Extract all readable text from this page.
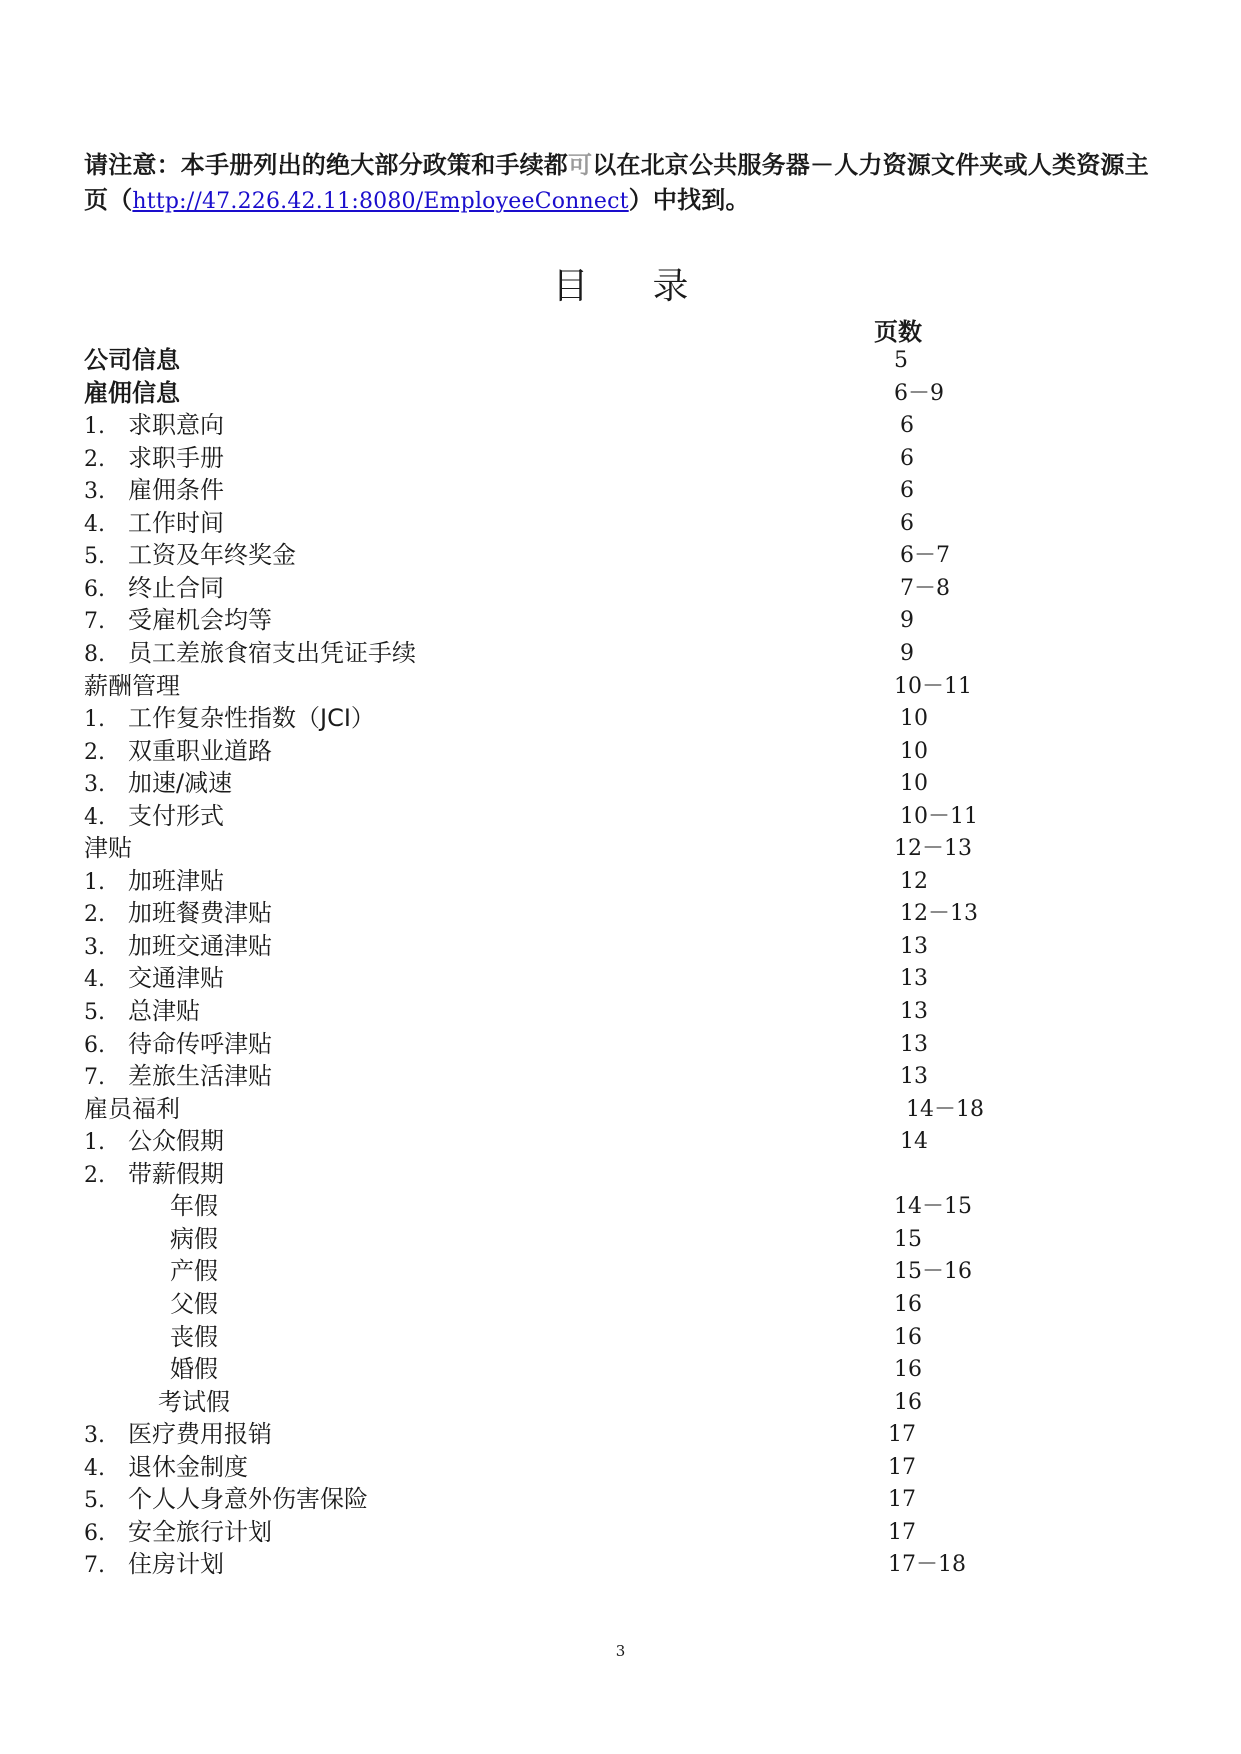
请注意：本手册列出的绝大部分政策和手续都可以在北京公共服务器－人力资源文件夹或人类资源主页（http://47.226.42.11:8080/EmployeeConnect）中找到。
目录
页数
公司信息	5
雇佣信息	6－9
1. 求职意向	6
2. 求职手册	6
3. 雇佣条件	6
4. 工作时间	6
5. 工资及年终奖金	6－7
6. 终止合同	7－8
7. 受雇机会均等	9
8. 员工差旅食宿支出凭证手续	9
薪酬管理	10－11
1. 工作复杂性指数（JCI）	10
2. 双重职业道路	10
3. 加速/减速	10
4. 支付形式	10－11
津贴	12－13
1. 加班津贴	12
2. 加班餐费津贴	12－13
3. 加班交通津贴	13
4. 交通津贴	13
5. 总津贴	13
6. 待命传呼津贴	13
7. 差旅生活津贴	13
雇员福利	14－18
1. 公众假期	14
2. 带薪假期
年假	14－15
病假	15
产假	15－16
父假	16
丧假	16
婚假	16
考试假	16
3. 医疗费用报销	17
4. 退休金制度	17
5. 个人人身意外伤害保险	17
6. 安全旅行计划	17
7. 住房计划	17－18
3
